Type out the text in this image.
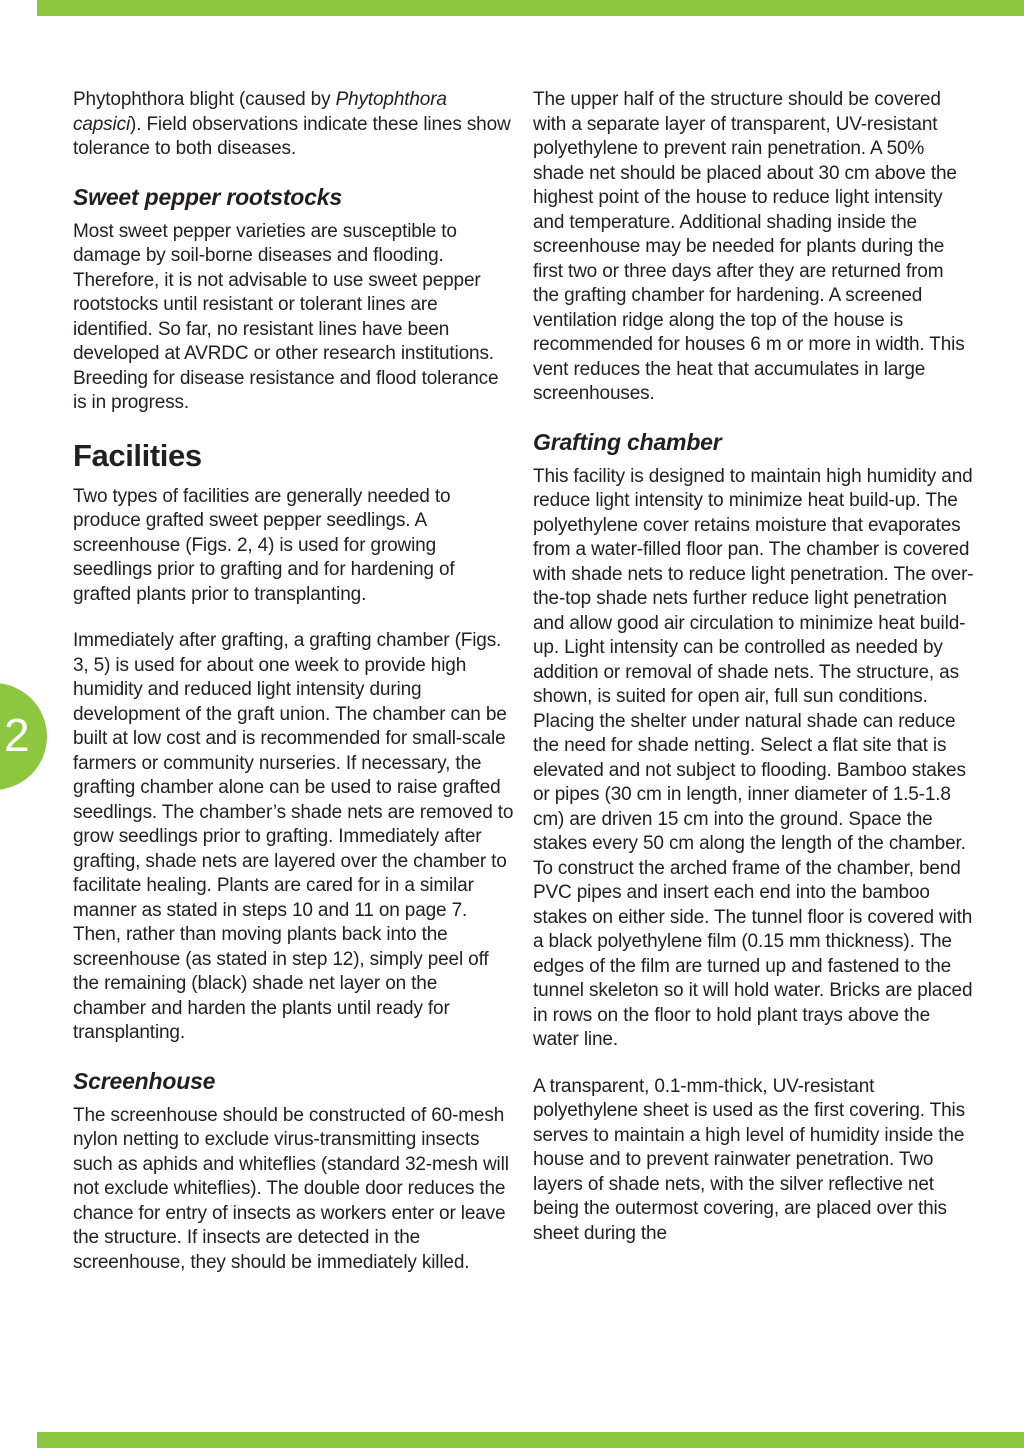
2

Phytophthora blight (caused by Phytophthora capsici). Field observations indicate these lines show tolerance to both diseases.

Sweet pepper rootstocks

Most sweet pepper varieties are susceptible to damage by soil-borne diseases and flooding. Therefore, it is not advisable to use sweet pepper rootstocks until resistant or tolerant lines are identified. So far, no resistant lines have been developed at AVRDC or other research institutions. Breeding for disease resistance and flood tolerance is in progress.

Facilities

Two types of facilities are generally needed to produce grafted sweet pepper seedlings. A screenhouse (Figs. 2, 4) is used for growing seedlings prior to grafting and for hardening of grafted plants prior to transplanting.

Immediately after grafting, a grafting chamber (Figs. 3, 5) is used for about one week to provide high humidity and reduced light intensity during development of the graft union. The chamber can be built at low cost and is recommended for small-scale farmers or community nurseries. If necessary, the grafting chamber alone can be used to raise grafted seedlings. The chamber’s shade nets are removed to grow seedlings prior to grafting. Immediately after grafting, shade nets are layered over the chamber to facilitate healing. Plants are cared for in a similar manner as stated in steps 10 and 11 on page 7. Then, rather than moving plants back into the screenhouse (as stated in step 12), simply peel off the remaining (black) shade net layer on the chamber and harden the plants until ready for transplanting.

Screenhouse

The screenhouse should be constructed of 60-mesh nylon netting to exclude virus-transmitting insects such as aphids and whiteflies (standard 32-mesh will not exclude whiteflies). The double door reduces the chance for entry of insects as workers enter or leave the structure. If insects are detected in the screenhouse, they should be immediately killed.

The upper half of the structure should be covered with a separate layer of transparent, UV-resistant polyethylene to prevent rain penetration. A 50% shade net should be placed about 30 cm above the highest point of the house to reduce light intensity and temperature. Additional shading inside the screenhouse may be needed for plants during the first two or three days after they are returned from the grafting chamber for hardening. A screened ventilation ridge along the top of the house is recommended for houses 6 m or more in width. This vent reduces the heat that accumulates in large screenhouses.

Grafting chamber

This facility is designed to maintain high humidity and reduce light intensity to minimize heat build-up. The polyethylene cover retains moisture that evaporates from a water-filled floor pan. The chamber is covered with shade nets to reduce light penetration. The over-the-top shade nets further reduce light penetration and allow good air circulation to minimize heat build-up. Light intensity can be controlled as needed by addition or removal of shade nets. The structure, as shown, is suited for open air, full sun conditions. Placing the shelter under natural shade can reduce the need for shade netting. Select a flat site that is elevated and not subject to flooding. Bamboo stakes or pipes (30 cm in length, inner diameter of 1.5-1.8 cm) are driven 15 cm into the ground. Space the stakes every 50 cm along the length of the chamber. To construct the arched frame of the chamber, bend PVC pipes and insert each end into the bamboo stakes on either side. The tunnel floor is covered with a black polyethylene film (0.15 mm thickness). The edges of the film are turned up and fastened to the tunnel skeleton so it will hold water. Bricks are placed in rows on the floor to hold plant trays above the water line.

A transparent, 0.1-mm-thick, UV-resistant polyethylene sheet is used as the first covering. This serves to maintain a high level of humidity inside the house and to prevent rainwater penetration. Two layers of shade nets, with the silver reflective net being the outermost covering, are placed over this sheet during the
